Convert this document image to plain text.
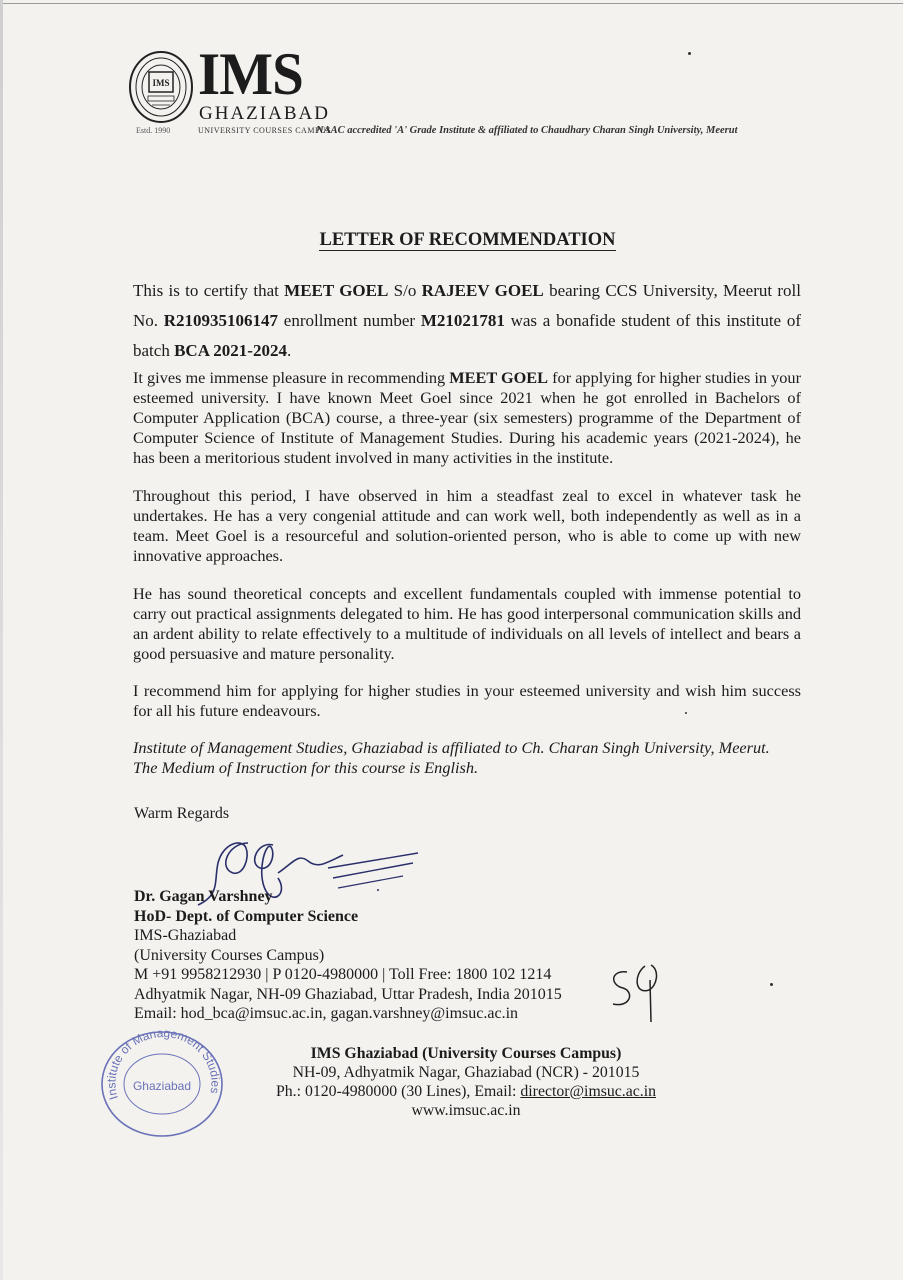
IMS IMS
GHAZIABAD
Estd. 1990	UNIVERSITY COURSES CAMPUS
NAAC accredited 'A' Grade Institute & affiliated to Chaudhary Charan Singh University, Meerut
LETTER OF RECOMMENDATION
This is to certify that MEET GOEL S/o RAJEEV GOEL bearing CCS University, Meerut roll No. R210935106147 enrollment number M21021781 was a bonafide student of this institute of batch BCA 2021-2024.
It gives me immense pleasure in recommending MEET GOEL for applying for higher studies in your esteemed university. I have known Meet Goel since 2021 when he got enrolled in Bachelors of Computer Application (BCA) course, a three-year (six semesters) programme of the Department of Computer Science of Institute of Management Studies. During his academic years (2021-2024), he has been a meritorious student involved in many activities in the institute.
Throughout this period, I have observed in him a steadfast zeal to excel in whatever task he undertakes. He has a very congenial attitude and can work well, both independently as well as in a team. Meet Goel is a resourceful and solution-oriented person, who is able to come up with new innovative approaches.
He has sound theoretical concepts and excellent fundamentals coupled with immense potential to carry out practical assignments delegated to him. He has good interpersonal communication skills and an ardent ability to relate effectively to a multitude of individuals on all levels of intellect and bears a good persuasive and mature personality.
I recommend him for applying for higher studies in your esteemed university and wish him success for all his future endeavours.
Institute of Management Studies, Ghaziabad is affiliated to Ch. Charan Singh University, Meerut.
The Medium of Instruction for this course is English.
Warm Regards
Dr. Gagan Varshney
HoD- Dept. of Computer Science
IMS-Ghaziabad
(University Courses Campus)
M +91 9958212930 | P 0120-4980000 | Toll Free: 1800 102 1214
Adhyatmik Nagar, NH-09 Ghaziabad, Uttar Pradesh, India 201015
Email: hod_bca@imsuc.ac.in, gagan.varshney@imsuc.ac.in
Institute of Management Studies
Ghaziabad
IMS Ghaziabad (University Courses Campus)
NH-09, Adhyatmik Nagar, Ghaziabad (NCR) - 201015
Ph.: 0120-4980000 (30 Lines), Email: director@imsuc.ac.in
www.imsuc.ac.in
